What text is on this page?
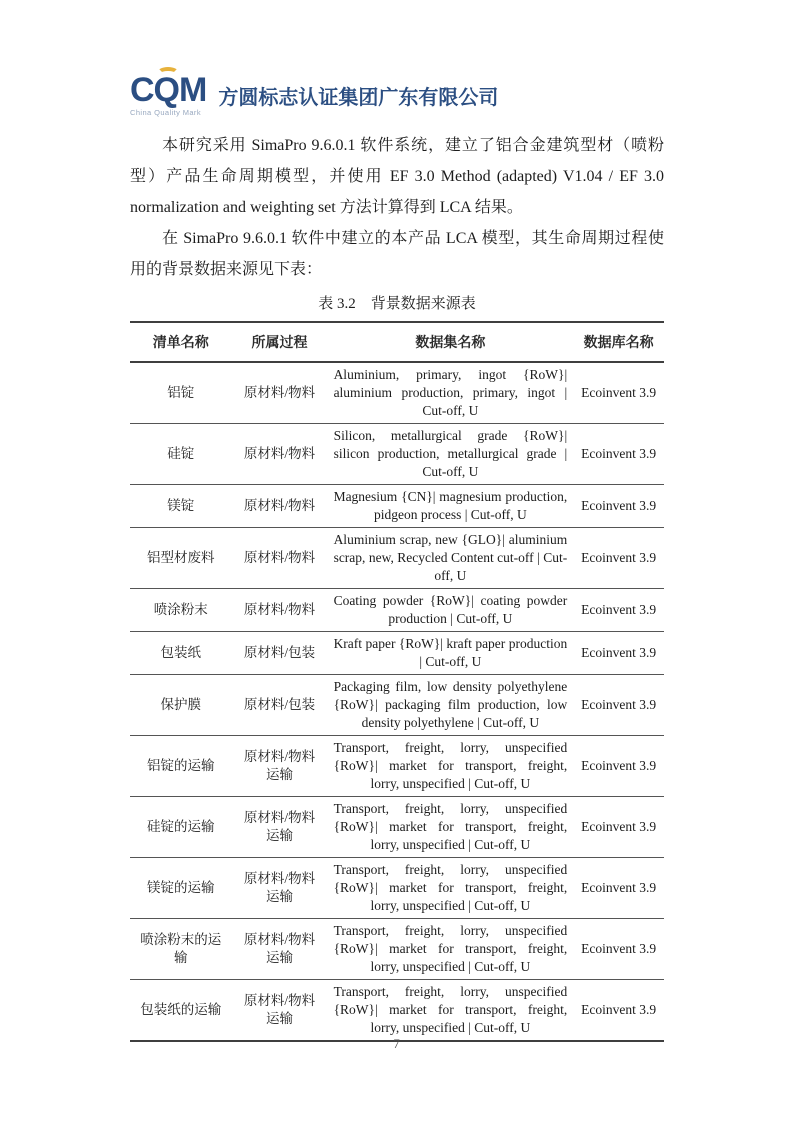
CQM
China Quality Mark
方圆标志认证集团广东有限公司

本研究采用 SimaPro 9.6.0.1 软件系统，建立了铝合金建筑型材（喷粉型）产品生命周期模型，并使用 EF 3.0 Method (adapted) V1.04 / EF 3.0 normalization and weighting set 方法计算得到 LCA 结果。

在 SimaPro 9.6.0.1 软件中建立的本产品 LCA 模型，其生命周期过程使用的背景数据来源见下表：

表 3.2　背景数据来源表
清单名称	所属过程	数据集名称	数据库名称
铝锭	原材料/物料	Aluminium, primary, ingot {RoW}| aluminium production, primary, ingot | Cut-off, U	Ecoinvent 3.9
硅锭	原材料/物料	Silicon, metallurgical grade {RoW}| silicon production, metallurgical grade | Cut-off, U	Ecoinvent 3.9
镁锭	原材料/物料	Magnesium {CN}| magnesium production, pidgeon process | Cut-off, U	Ecoinvent 3.9
铝型材废料	原材料/物料	Aluminium scrap, new {GLO}| aluminium scrap, new, Recycled Content cut-off | Cut-off, U	Ecoinvent 3.9
喷涂粉末	原材料/物料	Coating powder {RoW}| coating powder production | Cut-off, U	Ecoinvent 3.9
包装纸	原材料/包装	Kraft paper {RoW}| kraft paper production | Cut-off, U	Ecoinvent 3.9
保护膜	原材料/包装	Packaging film, low density polyethylene {RoW}| packaging film production, low density polyethylene | Cut-off, U	Ecoinvent 3.9
铝锭的运输	原材料/物料运输	Transport, freight, lorry, unspecified {RoW}| market for transport, freight, lorry, unspecified | Cut-off, U	Ecoinvent 3.9
硅锭的运输	原材料/物料运输	Transport, freight, lorry, unspecified {RoW}| market for transport, freight, lorry, unspecified | Cut-off, U	Ecoinvent 3.9
镁锭的运输	原材料/物料运输	Transport, freight, lorry, unspecified {RoW}| market for transport, freight, lorry, unspecified | Cut-off, U	Ecoinvent 3.9
喷涂粉末的运输	原材料/物料运输	Transport, freight, lorry, unspecified {RoW}| market for transport, freight, lorry, unspecified | Cut-off, U	Ecoinvent 3.9
包装纸的运输	原材料/物料运输	Transport, freight, lorry, unspecified {RoW}| market for transport, freight, lorry, unspecified | Cut-off, U	Ecoinvent 3.9
7
